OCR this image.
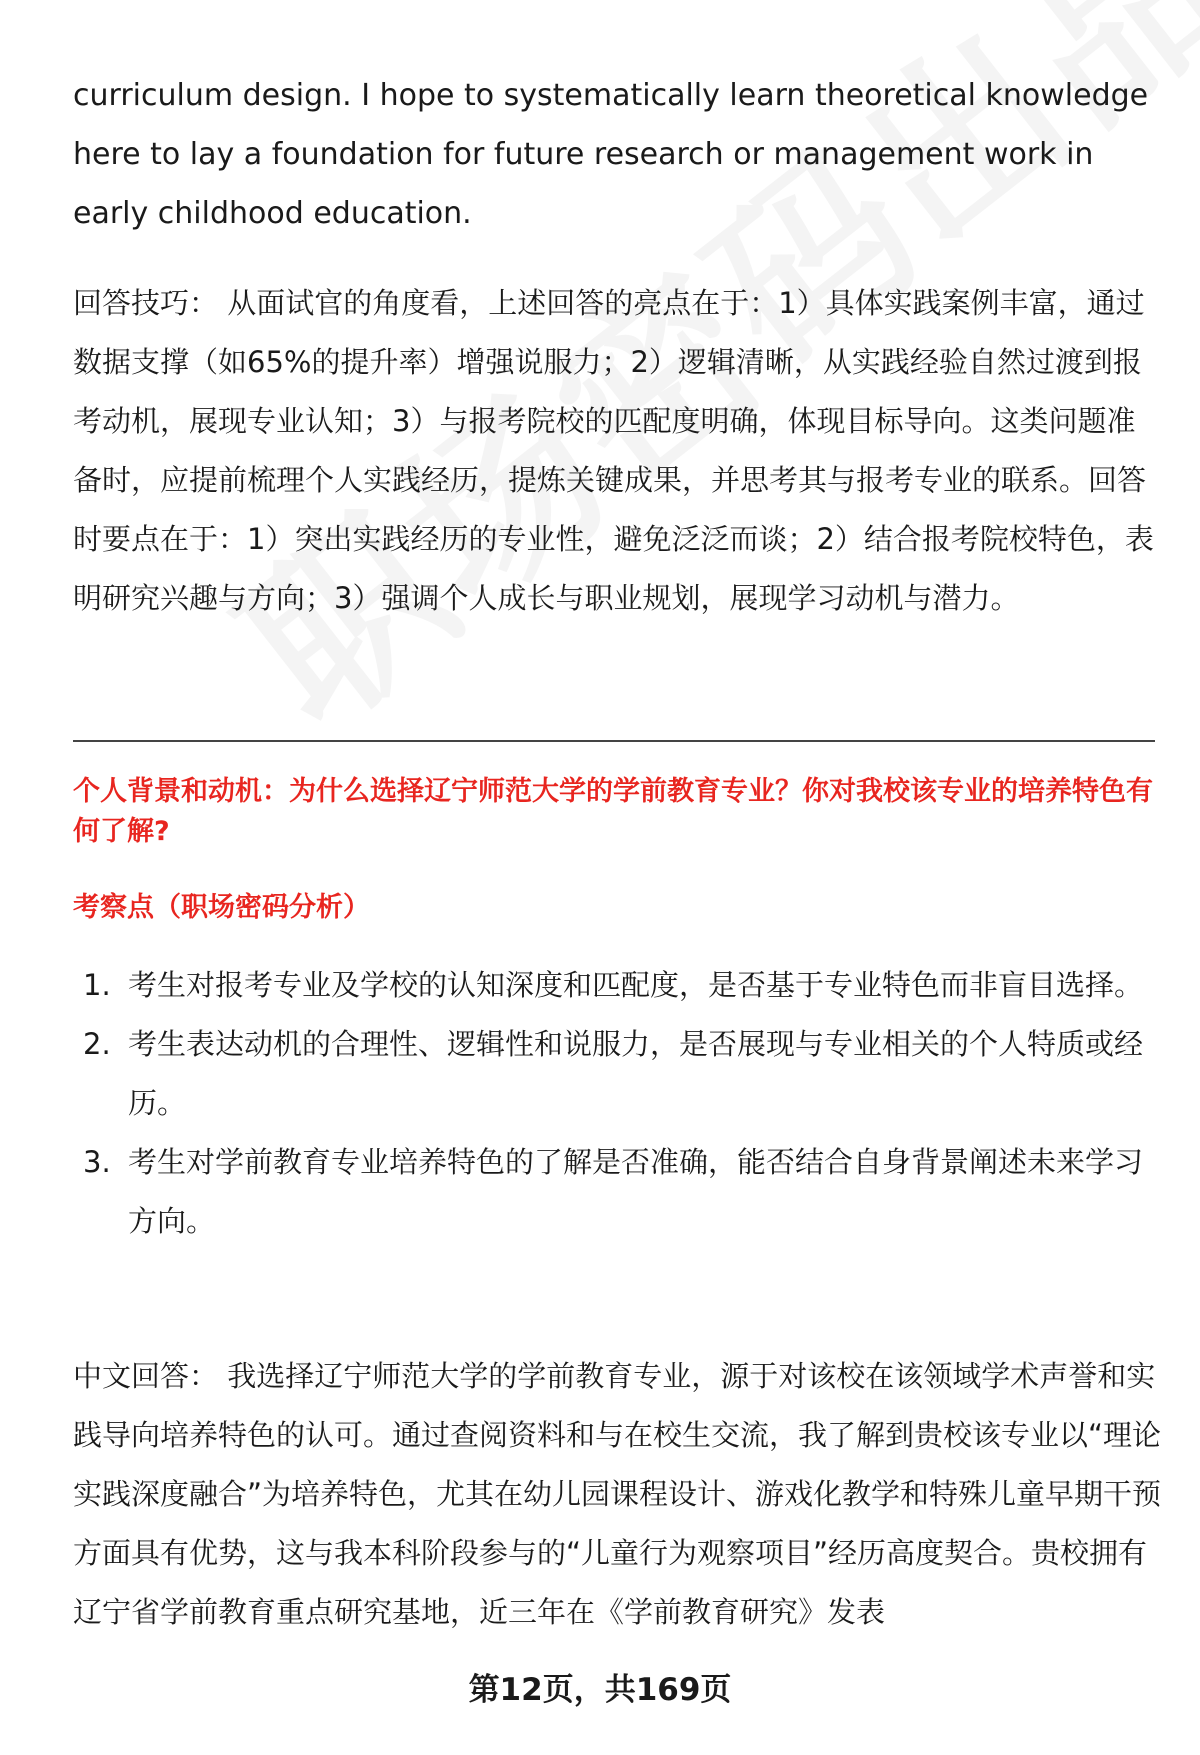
curriculum design. I hope to systematically learn theoretical knowledge here to lay a foundation for future research or management work in early childhood education.

回答技巧： 从面试官的角度看，上述回答的亮点在于：1）具体实践案例丰富，通过数据支撑（如65%的提升率）增强说服力；2）逻辑清晰，从实践经验自然过渡到报考动机，展现专业认知；3）与报考院校的匹配度明确，体现目标导向。这类问题准备时，应提前梳理个人实践经历，提炼关键成果，并思考其与报考专业的联系。回答时要点在于：1）突出实践经历的专业性，避免泛泛而谈；2）结合报考院校特色，表明研究兴趣与方向；3）强调个人成长与职业规划，展现学习动机与潜力。

个人背景和动机：为什么选择辽宁师范大学的学前教育专业？你对我校该专业的培养特色有何了解?
考察点（职场密码分析）
1. 考生对报考专业及学校的认知深度和匹配度，是否基于专业特色而非盲目选择。
2. 考生表达动机的合理性、逻辑性和说服力，是否展现与专业相关的个人特质或经历。
3. 考生对学前教育专业培养特色的了解是否准确，能否结合自身背景阐述未来学习方向。

中文回答： 我选择辽宁师范大学的学前教育专业，源于对该校在该领域学术声誉和实践导向培养特色的认可。通过查阅资料和与在校生交流，我了解到贵校该专业以“理论实践深度融合”为培养特色，尤其在幼儿园课程设计、游戏化教学和特殊儿童早期干预方面具有优势，这与我本科阶段参与的“儿童行为观察项目”经历高度契合。贵校拥有辽宁省学前教育重点研究基地，近三年在《学前教育研究》发表

第12页，共169页
